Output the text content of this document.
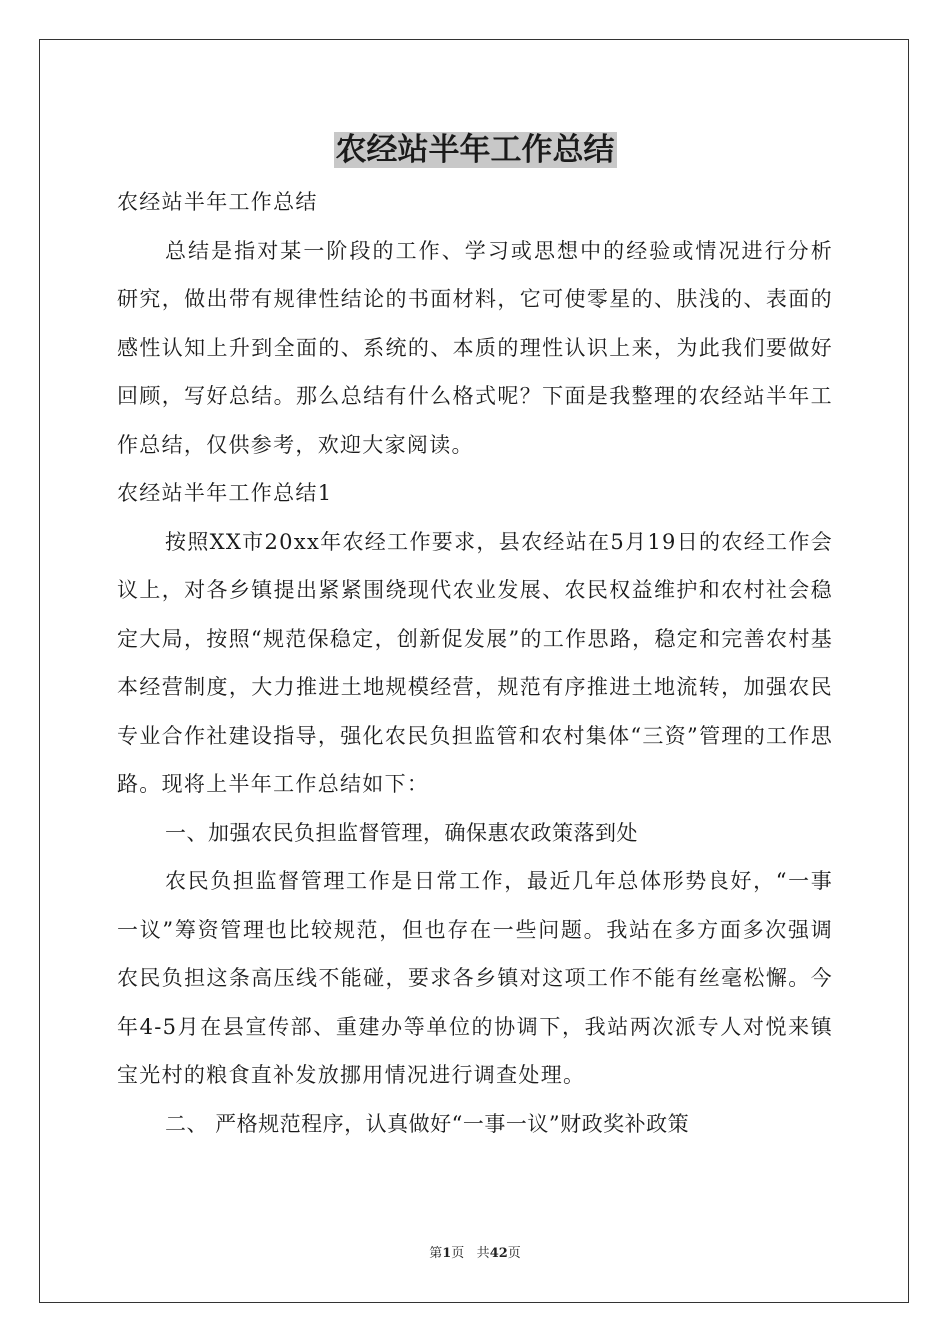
农经站半年工作总结

农经站半年工作总结

总结是指对某一阶段的工作、学习或思想中的经验或情况进行分析研究，做出带有规律性结论的书面材料，它可使零星的、肤浅的、表面的感性认知上升到全面的、系统的、本质的理性认识上来，为此我们要做好回顾，写好总结。那么总结有什么格式呢？下面是我整理的农经站半年工作总结，仅供参考，欢迎大家阅读。

农经站半年工作总结1

按照XX市20xx年农经工作要求，县农经站在5月19日的农经工作会议上，对各乡镇提出紧紧围绕现代农业发展、农民权益维护和农村社会稳定大局，按照“规范保稳定，创新促发展”的工作思路，稳定和完善农村基本经营制度，大力推进土地规模经营，规范有序推进土地流转，加强农民专业合作社建设指导，强化农民负担监管和农村集体“三资”管理的工作思路。现将上半年工作总结如下：

一、加强农民负担监督管理，确保惠农政策落到处

农民负担监督管理工作是日常工作，最近几年总体形势良好，“一事一议”筹资管理也比较规范，但也存在一些问题。我站在多方面多次强调农民负担这条高压线不能碰，要求各乡镇对这项工作不能有丝毫松懈。今年4-5月在县宣传部、重建办等单位的协调下，我站两次派专人对悦来镇宝光村的粮食直补发放挪用情况进行调查处理。

二、 严格规范程序，认真做好“一事一议”财政奖补政策

第1页 共42页
